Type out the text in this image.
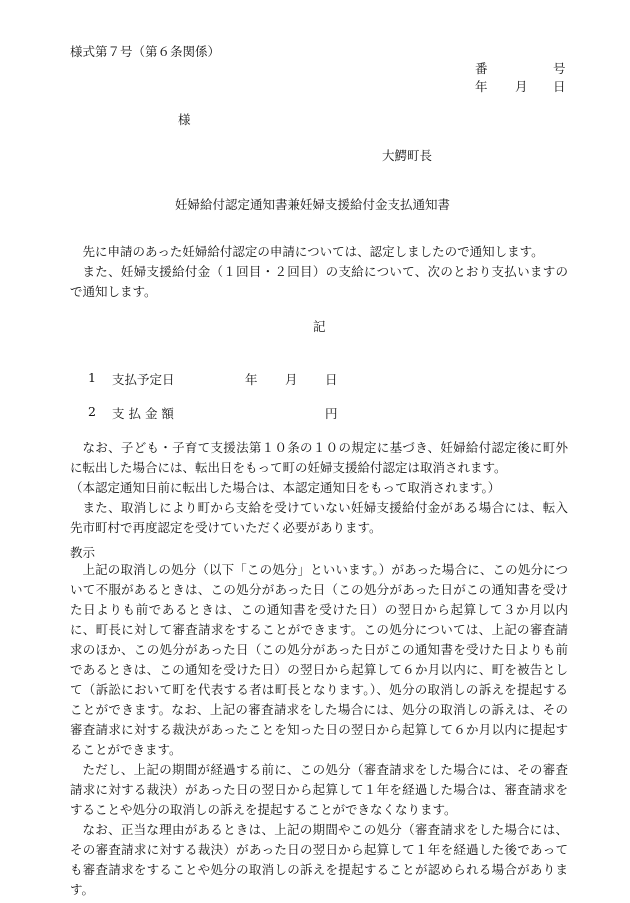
様式第７号（第６条関係）
番	号
年 月 日
様
大鰐町長
妊婦給付認定通知書兼妊婦支援給付金支払通知書

先に申請のあった妊婦給付認定の申請については、認定しましたので通知します。

また、妊婦支援給付金（１回目・２回目）の支給について、次のとおり支払いますので通知します。

記
1 支払予定日	年 月 日
2 支 払 金 額	円

なお、子ども・子育て支援法第１０条の１０の規定に基づき、妊婦給付認定後に町外に転出した場合には、転出日をもって町の妊婦支援給付認定は取消されます。

（本認定通知日前に転出した場合は、本認定通知日をもって取消されます。）

また、取消しにより町から支給を受けていない妊婦支援給付金がある場合には、転入先市町村で再度認定を受けていただく必要があります。

教示

上記の取消しの処分（以下「この処分」といいます。）があった場合に、この処分について不服があるときは、この処分があった日（この処分があった日がこの通知書を受けた日よりも前であるときは、この通知書を受けた日）の翌日から起算して３か月以内に、町長に対して審査請求をすることができます。この処分については、上記の審査請求のほか、この処分があった日（この処分があった日がこの通知書を受けた日よりも前であるときは、この通知を受けた日）の翌日から起算して６か月以内に、町を被告として（訴訟において町を代表する者は町長となります。）、処分の取消しの訴えを提起することができます。なお、上記の審査請求をした場合には、処分の取消しの訴えは、その審査請求に対する裁決があったことを知った日の翌日から起算して６か月以内に提起することができます。

ただし、上記の期間が経過する前に、この処分（審査請求をした場合には、その審査請求に対する裁決）があった日の翌日から起算して１年を経過した場合は、審査請求をすることや処分の取消しの訴えを提起することができなくなります。

なお、正当な理由があるときは、上記の期間やこの処分（審査請求をした場合には、その審査請求に対する裁決）があった日の翌日から起算して１年を経過した後であっても審査請求をすることや処分の取消しの訴えを提起することが認められる場合があります。
